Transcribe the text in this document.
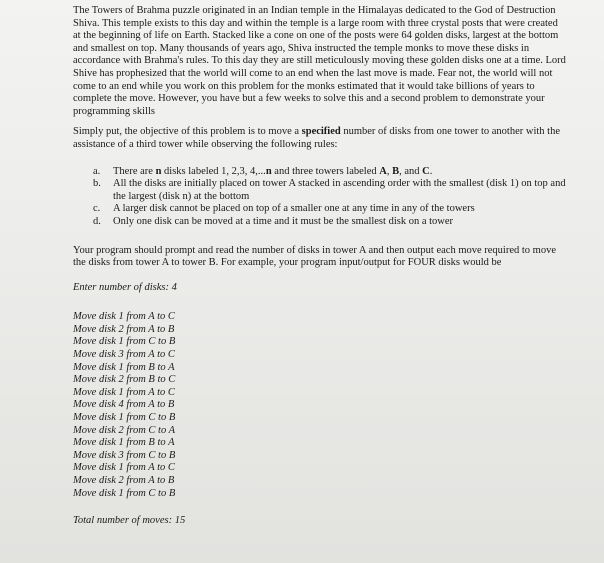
The Towers of Brahma puzzle originated in an Indian temple in the Himalayas dedicated to the God of Destruction Shiva. This temple exists to this day and within the temple is a large room with three crystal posts that were created at the beginning of life on Earth. Stacked like a cone on one of the posts were 64 golden disks, largest at the bottom and smallest on top. Many thousands of years ago, Shiva instructed the temple monks to move these disks in accordance with Brahma's rules. To this day they are still meticulously moving these golden disks one at a time. Lord Shive has prophesized that the world will come to an end when the last move is made. Fear not, the world will not come to an end while you work on this problem for the monks estimated that it would take billions of years to complete the move. However, you have but a few weeks to solve this and a second problem to demonstrate your programming skills

Simply put, the objective of this problem is to move a specified number of disks from one tower to another with the assistance of a third tower while observing the following rules:

a. There are n disks labeled 1, 2,3, 4,...n and three towers labeled A, B, and C.
b. All the disks are initially placed on tower A stacked in ascending order with the smallest (disk 1) on top and the largest (disk n) at the bottom
c. A larger disk cannot be placed on top of a smaller one at any time in any of the towers
d. Only one disk can be moved at a time and it must be the smallest disk on a tower

Your program should prompt and read the number of disks in tower A and then output each move required to move the disks from tower A to tower B. For example, your program input/output for FOUR disks would be

Enter number of disks: 4
Move disk 1 from A to C
Move disk 2 from A to B
Move disk 1 from C to B
Move disk 3 from A to C
Move disk 1 from B to A
Move disk 2 from B to C
Move disk 1 from A to C
Move disk 4 from A to B
Move disk 1 from C to B
Move disk 2 from C to A
Move disk 1 from B to A
Move disk 3 from C to B
Move disk 1 from A to C
Move disk 2 from A to B
Move disk 1 from C to B
Total number of moves: 15
